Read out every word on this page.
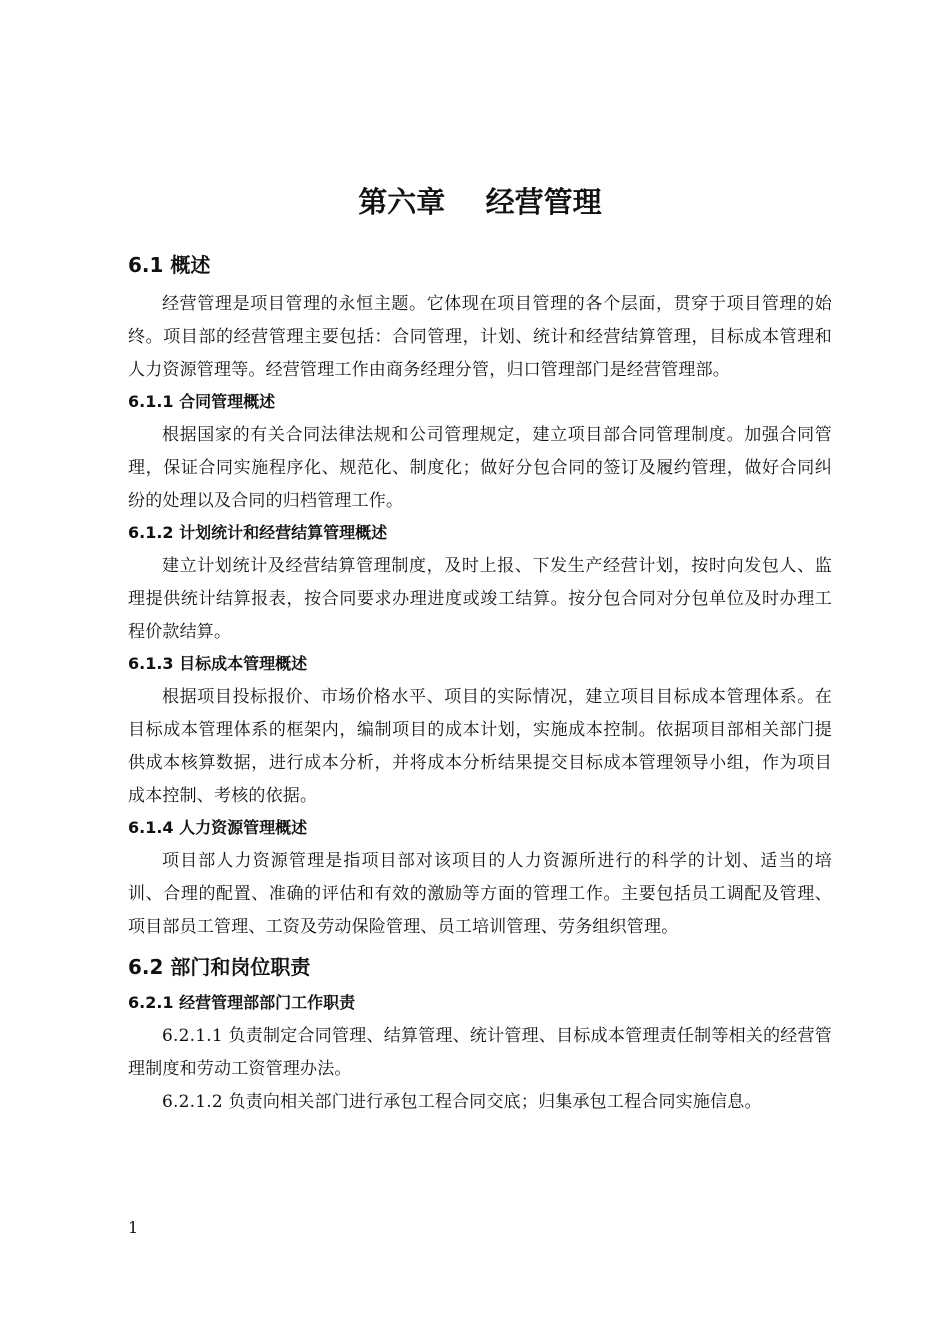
第六章    经营管理
6.1 概述

经营管理是项目管理的永恒主题。它体现在项目管理的各个层面，贯穿于项目管理的始终。项目部的经营管理主要包括：合同管理，计划、统计和经营结算管理，目标成本管理和人力资源管理等。经营管理工作由商务经理分管，归口管理部门是经营管理部。

6.1.1 合同管理概述

根据国家的有关合同法律法规和公司管理规定，建立项目部合同管理制度。加强合同管理，保证合同实施程序化、规范化、制度化；做好分包合同的签订及履约管理，做好合同纠纷的处理以及合同的归档管理工作。

6.1.2 计划统计和经营结算管理概述

建立计划统计及经营结算管理制度，及时上报、下发生产经营计划，按时向发包人、监理提供统计结算报表，按合同要求办理进度或竣工结算。按分包合同对分包单位及时办理工程价款结算。

6.1.3 目标成本管理概述

根据项目投标报价、市场价格水平、项目的实际情况，建立项目目标成本管理体系。在目标成本管理体系的框架内，编制项目的成本计划，实施成本控制。依据项目部相关部门提供成本核算数据，进行成本分析，并将成本分析结果提交目标成本管理领导小组，作为项目成本控制、考核的依据。

6.1.4 人力资源管理概述

项目部人力资源管理是指项目部对该项目的人力资源所进行的科学的计划、适当的培训、合理的配置、准确的评估和有效的激励等方面的管理工作。主要包括员工调配及管理、项目部员工管理、工资及劳动保险管理、员工培训管理、劳务组织管理。

6.2 部门和岗位职责
6.2.1 经营管理部部门工作职责

6.2.1.1 负责制定合同管理、结算管理、统计管理、目标成本管理责任制等相关的经营管理制度和劳动工资管理办法。

6.2.1.2 负责向相关部门进行承包工程合同交底；归集承包工程合同实施信息。

1
